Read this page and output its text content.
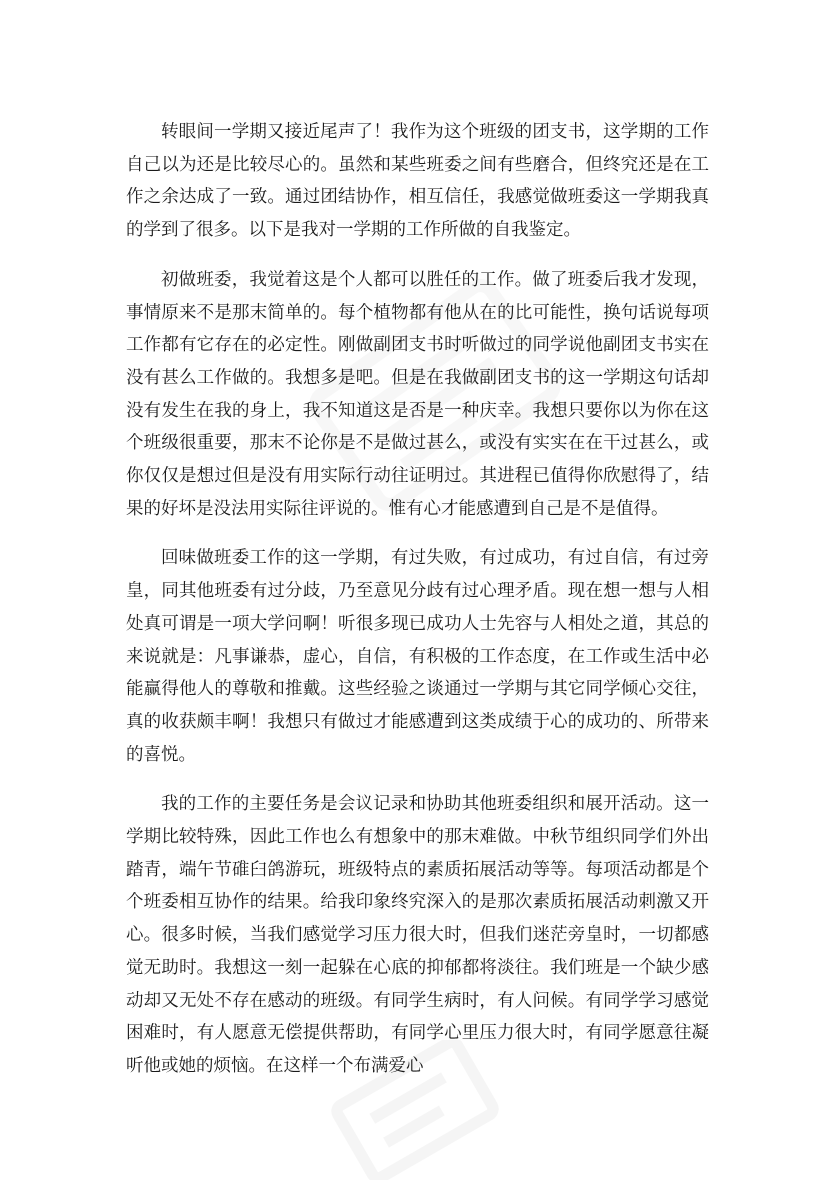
转眼间一学期又接近尾声了！我作为这个班级的团支书，这学期的工作自己以为还是比较尽心的。虽然和某些班委之间有些磨合，但终究还是在工作之余达成了一致。通过团结协作，相互信任，我感觉做班委这一学期我真的学到了很多。以下是我对一学期的工作所做的自我鉴定。

初做班委，我觉着这是个人都可以胜任的工作。做了班委后我才发现，事情原来不是那末简单的。每个植物都有他从在的比可能性，换句话说每项工作都有它存在的必定性。刚做副团支书时听做过的同学说他副团支书实在没有甚么工作做的。我想多是吧。但是在我做副团支书的这一学期这句话却没有发生在我的身上，我不知道这是否是一种庆幸。我想只要你以为你在这个班级很重要，那末不论你是不是做过甚么，或没有实实在在干过甚么，或你仅仅是想过但是没有用实际行动往证明过。其进程已值得你欣慰得了，结果的好坏是没法用实际往评说的。惟有心才能感遭到自己是不是值得。

回味做班委工作的这一学期，有过失败，有过成功，有过自信，有过旁皇，同其他班委有过分歧，乃至意见分歧有过心理矛盾。现在想一想与人相处真可谓是一项大学问啊！听很多现已成功人士先容与人相处之道，其总的来说就是：凡事谦恭，虚心，自信，有积极的工作态度，在工作或生活中必能赢得他人的尊敬和推戴。这些经验之谈通过一学期与其它同学倾心交往，真的收获颇丰啊！我想只有做过才能感遭到这类成绩于心的成功的、所带来的喜悦。

我的工作的主要任务是会议记录和协助其他班委组织和展开活动。这一学期比较特殊，因此工作也么有想象中的那末难做。中秋节组织同学们外出踏青，端午节碓臼鸽游玩，班级特点的素质拓展活动等等。每项活动都是个个班委相互协作的结果。给我印象终究深入的是那次素质拓展活动刺激又开心。很多时候，当我们感觉学习压力很大时，但我们迷茫旁皇时，一切都感觉无助时。我想这一刻一起躲在心底的抑郁都将淡往。我们班是一个缺少感动却又无处不存在感动的班级。有同学生病时，有人问候。有同学学习感觉困难时，有人愿意无偿提供帮助，有同学心里压力很大时，有同学愿意往凝听他或她的烦恼。在这样一个布满爱心
